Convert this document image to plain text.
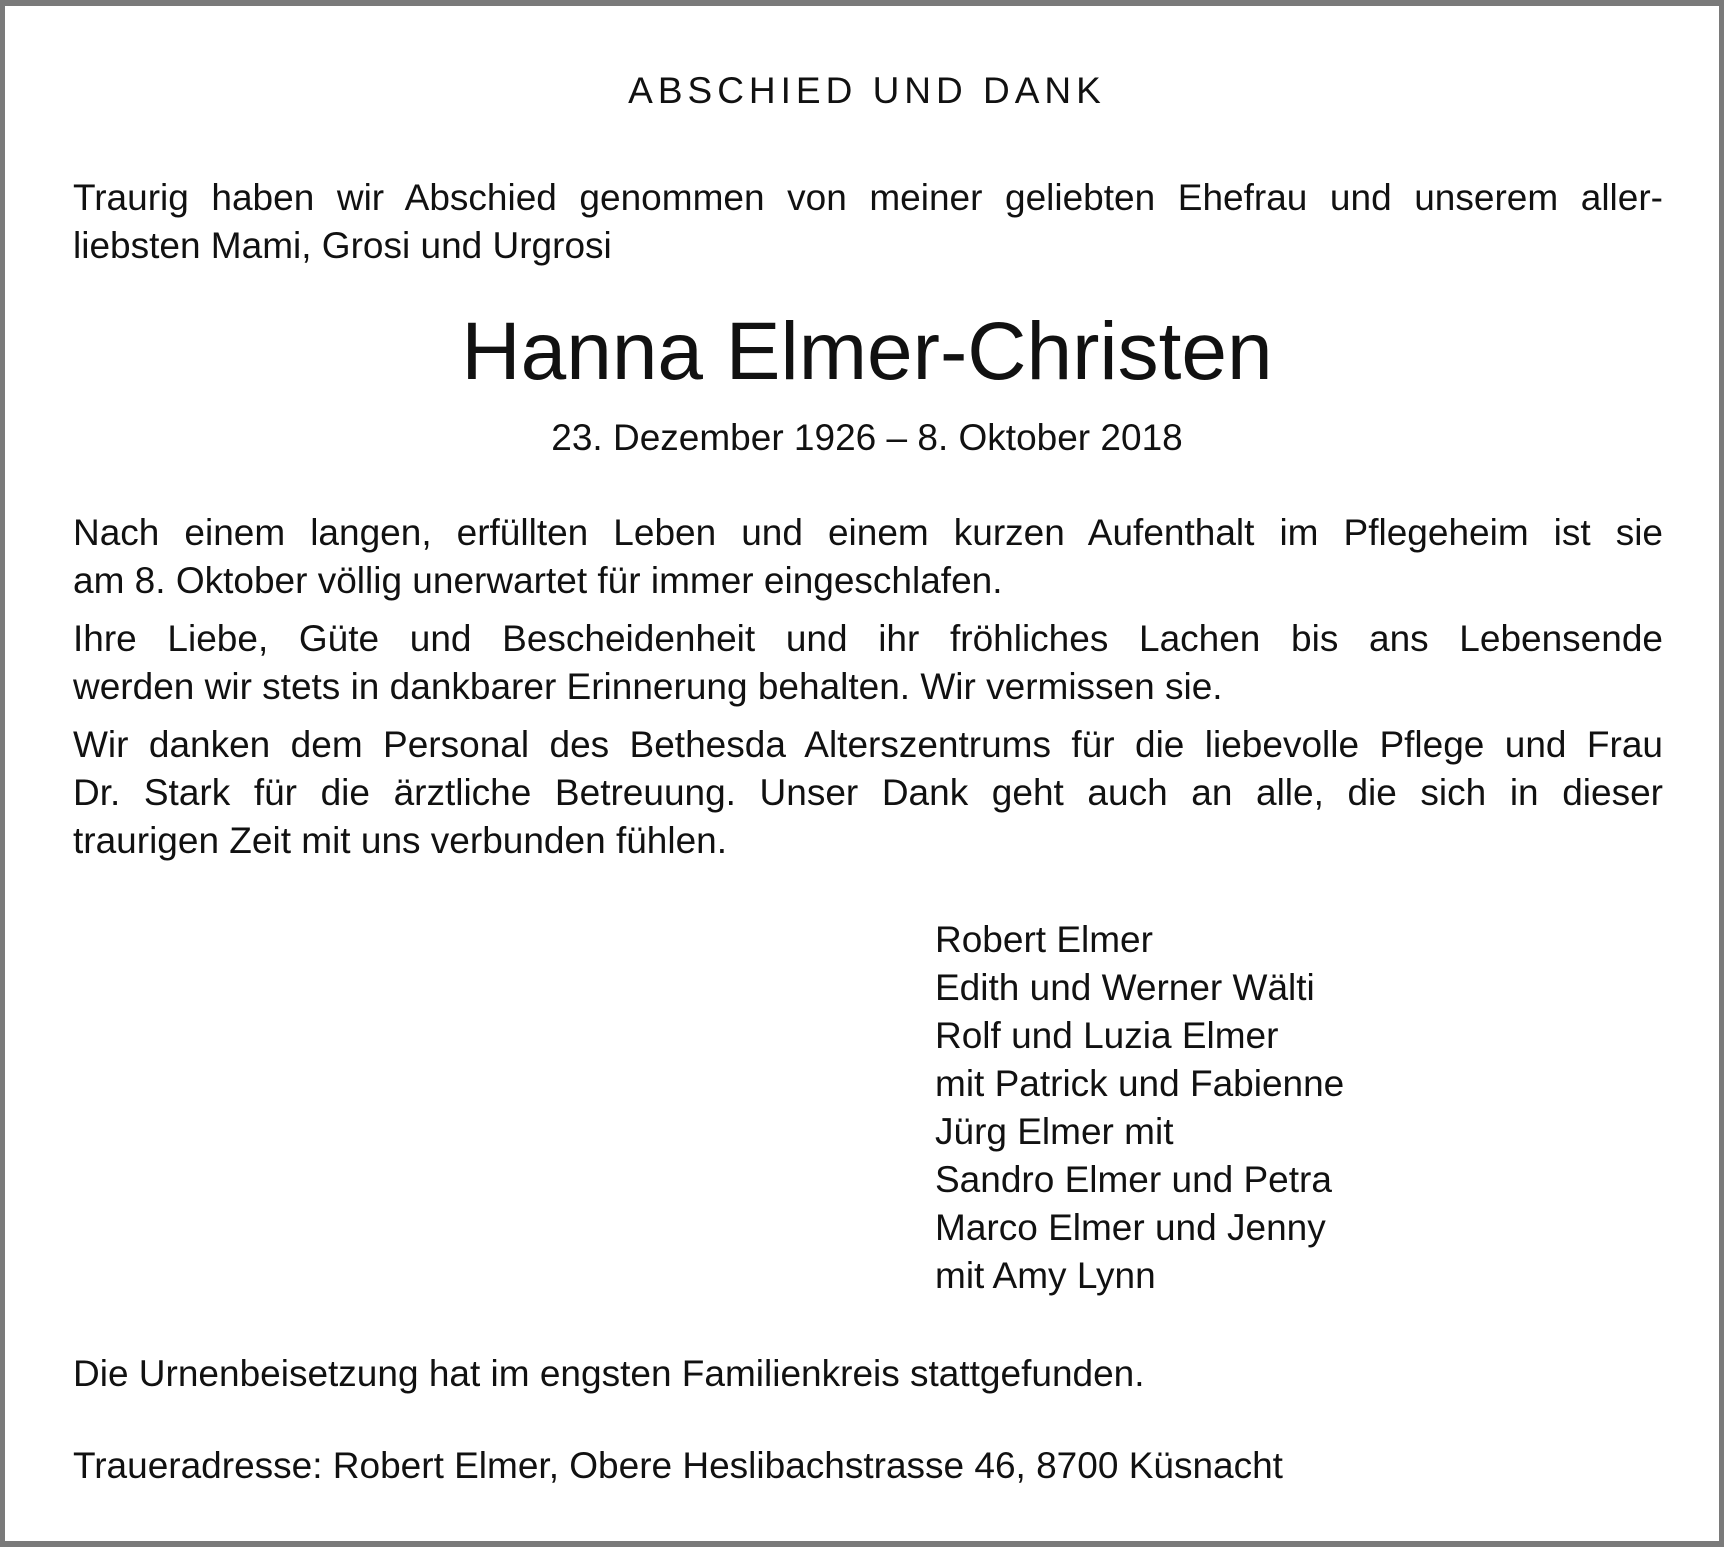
ABSCHIED UND DANK
Traurig haben wir Abschied genommen von meiner geliebten Ehefrau und unserem aller-
liebsten Mami, Grosi und Urgrosi
Hanna Elmer-Christen
23. Dezember 1926 – 8. Oktober 2018
Nach einem langen, erfüllten Leben und einem kurzen Aufenthalt im Pflegeheim ist sie
am 8. Oktober völlig unerwartet für immer eingeschlafen.
Ihre Liebe, Güte und Bescheidenheit und ihr fröhliches Lachen bis ans Lebensende
werden wir stets in dankbarer Erinnerung behalten. Wir vermissen sie.
Wir danken dem Personal des Bethesda Alterszentrums für die liebevolle Pflege und Frau
Dr. Stark für die ärztliche Betreuung. Unser Dank geht auch an alle, die sich in dieser
traurigen Zeit mit uns verbunden fühlen.
Robert Elmer
Edith und Werner Wälti
Rolf und Luzia Elmer
mit Patrick und Fabienne
Jürg Elmer mit
Sandro Elmer und Petra
Marco Elmer und Jenny
mit Amy Lynn
Die Urnenbeisetzung hat im engsten Familienkreis stattgefunden.
Traueradresse: Robert Elmer, Obere Heslibachstrasse 46, 8700 Küsnacht
